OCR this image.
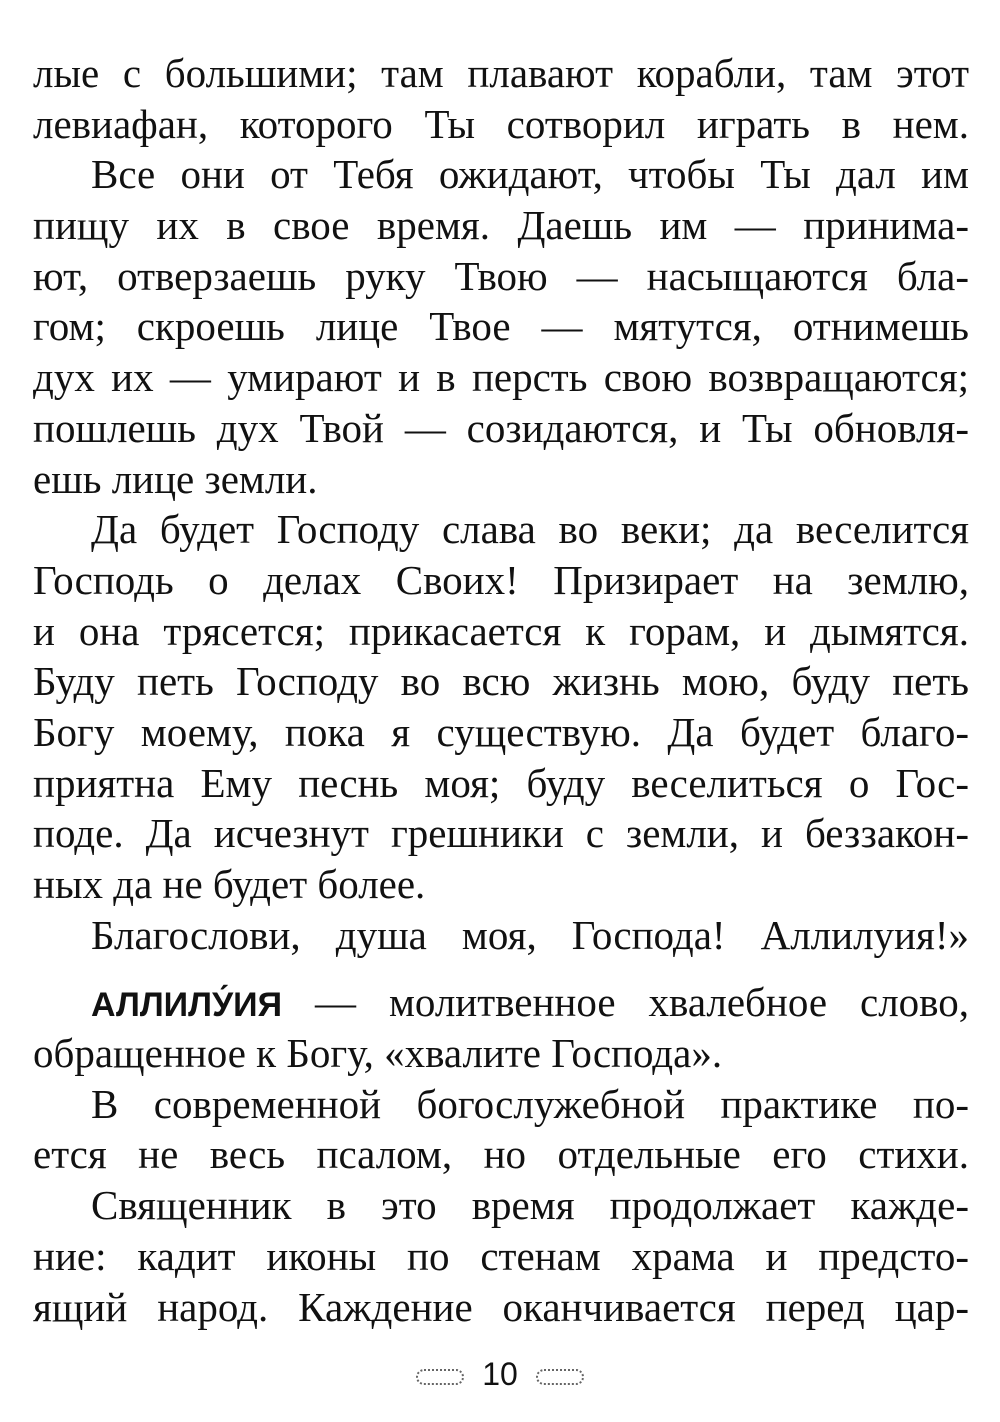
лые с большими; там плавают корабли, там этот
левиафан, которого Ты сотворил играть в нем.
Все они от Тебя ожидают, чтобы Ты дал им
пищу их в свое время. Даешь им — принима-
ют, отверзаешь руку Твою — насыщаются бла-
гом; скроешь лице Твое — мятутся, отнимешь
дух их — умирают и в персть свою возвращаются;
пошлешь дух Твой — созидаются, и Ты обновля-
ешь лице земли.
Да будет Господу слава во веки; да веселится
Господь о делах Своих! Призирает на землю,
и она трясется; прикасается к горам, и дымятся.
Буду петь Господу во всю жизнь мою, буду петь
Богу моему, пока я существую. Да будет благо-
приятна Ему песнь моя; буду веселиться о Гос-
поде. Да исчезнут грешники с земли, и беззакон-
ных да не будет более.
Благослови, душа моя, Господа! Аллилуия!»
АЛЛИЛУ́ИЯ — молитвенное хвалебное слово,
обращенное к Богу, «хвалите Господа».
В современной богослужебной практике по-
ется не весь псалом, но отдельные его стихи.
Священник в это время продолжает кажде-
ние: кадит иконы по стенам храма и предсто-
ящий народ. Каждение оканчивается перед цар-
10
